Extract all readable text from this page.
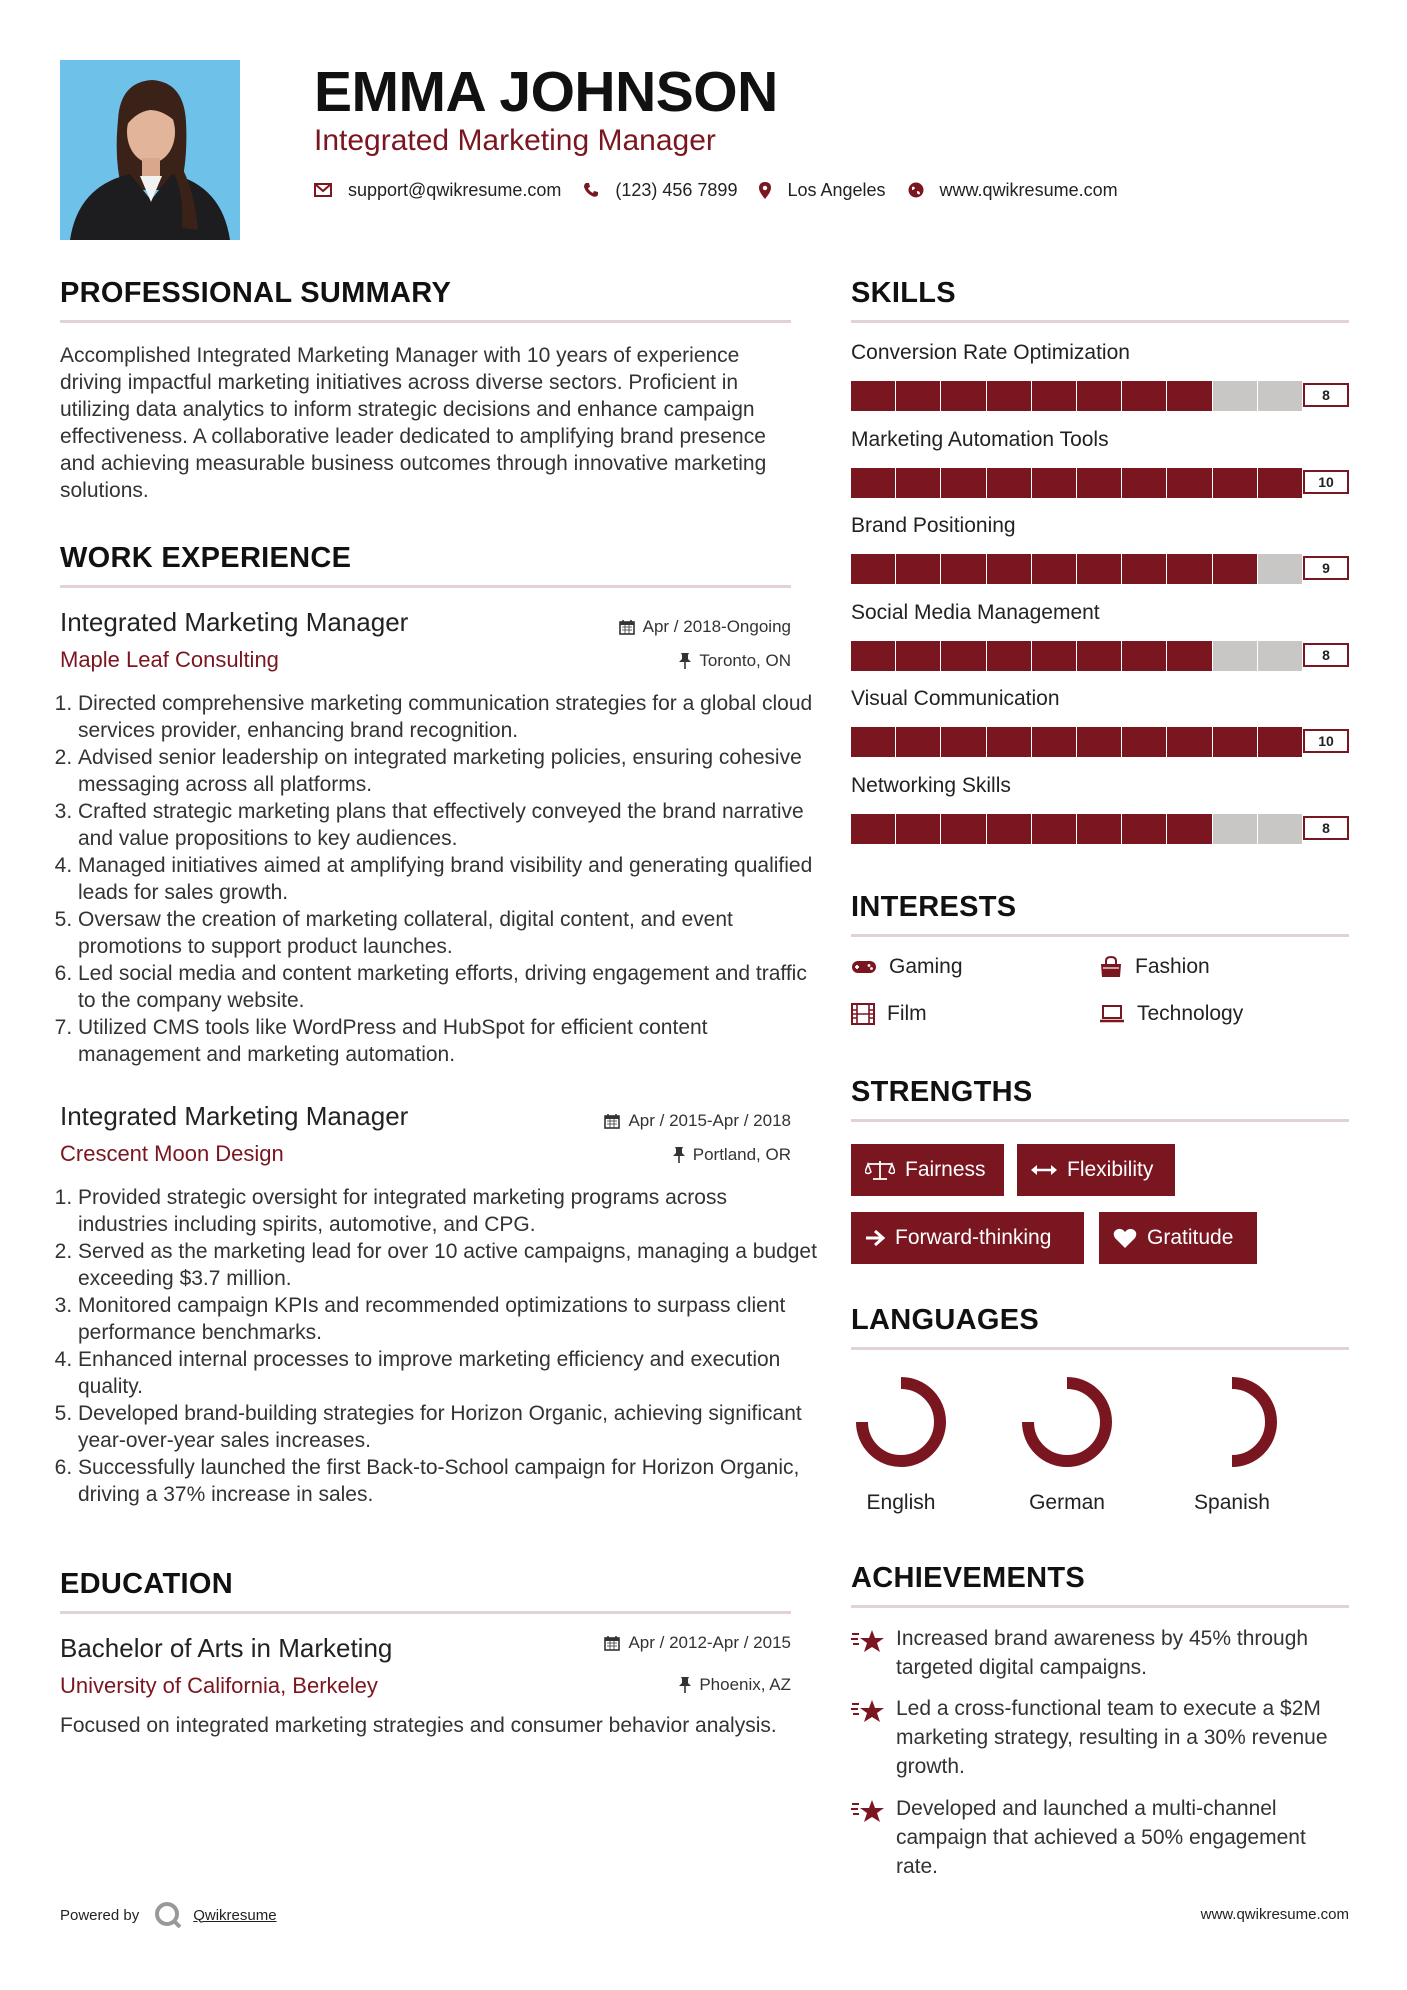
EMMA JOHNSON
Integrated Marketing Manager
support@qwikresume.com	(123) 456 7899	Los Angeles	www.qwikresume.com
PROFESSIONAL SUMMARY
Accomplished Integrated Marketing Manager with 10 years of experience driving impactful marketing initiatives across diverse sectors. Proficient in utilizing data analytics to inform strategic decisions and enhance campaign effectiveness. A collaborative leader dedicated to amplifying brand presence and achieving measurable business outcomes through innovative marketing solutions.
WORK EXPERIENCE
Integrated Marketing Manager	Apr / 2018-Ongoing
Maple Leaf Consulting	Toronto, ON
1. Directed comprehensive marketing communication strategies for a global cloud services provider, enhancing brand recognition.
2. Advised senior leadership on integrated marketing policies, ensuring cohesive messaging across all platforms.
3. Crafted strategic marketing plans that effectively conveyed the brand narrative and value propositions to key audiences.
4. Managed initiatives aimed at amplifying brand visibility and generating qualified leads for sales growth.
5. Oversaw the creation of marketing collateral, digital content, and event promotions to support product launches.
6. Led social media and content marketing efforts, driving engagement and traffic to the company website.
7. Utilized CMS tools like WordPress and HubSpot for efficient content management and marketing automation.
Integrated Marketing Manager	Apr / 2015-Apr / 2018
Crescent Moon Design	Portland, OR
1. Provided strategic oversight for integrated marketing programs across industries including spirits, automotive, and CPG.
2. Served as the marketing lead for over 10 active campaigns, managing a budget exceeding $3.7 million.
3. Monitored campaign KPIs and recommended optimizations to surpass client performance benchmarks.
4. Enhanced internal processes to improve marketing efficiency and execution quality.
5. Developed brand-building strategies for Horizon Organic, achieving significant year-over-year sales increases.
6. Successfully launched the first Back-to-School campaign for Horizon Organic, driving a 37% increase in sales.
EDUCATION
Bachelor of Arts in Marketing	Apr / 2012-Apr / 2015
University of California, Berkeley	Phoenix, AZ
Focused on integrated marketing strategies and consumer behavior analysis.
SKILLS
Conversion Rate Optimization
8
Marketing Automation Tools
10
Brand Positioning
9
Social Media Management
8
Visual Communication
10
Networking Skills
8
INTERESTS
Gaming	Fashion
Film	Technology
STRENGTHS
Fairness	Flexibility
Forward-thinking	Gratitude
LANGUAGES
English	German	Spanish
ACHIEVEMENTS
Increased brand awareness by 45% through targeted digital campaigns.
Led a cross-functional team to execute a $2M marketing strategy, resulting in a 30% revenue growth.
Developed and launched a multi-channel campaign that achieved a 50% engagement rate.
Powered by	Qwikresume	www.qwikresume.com
